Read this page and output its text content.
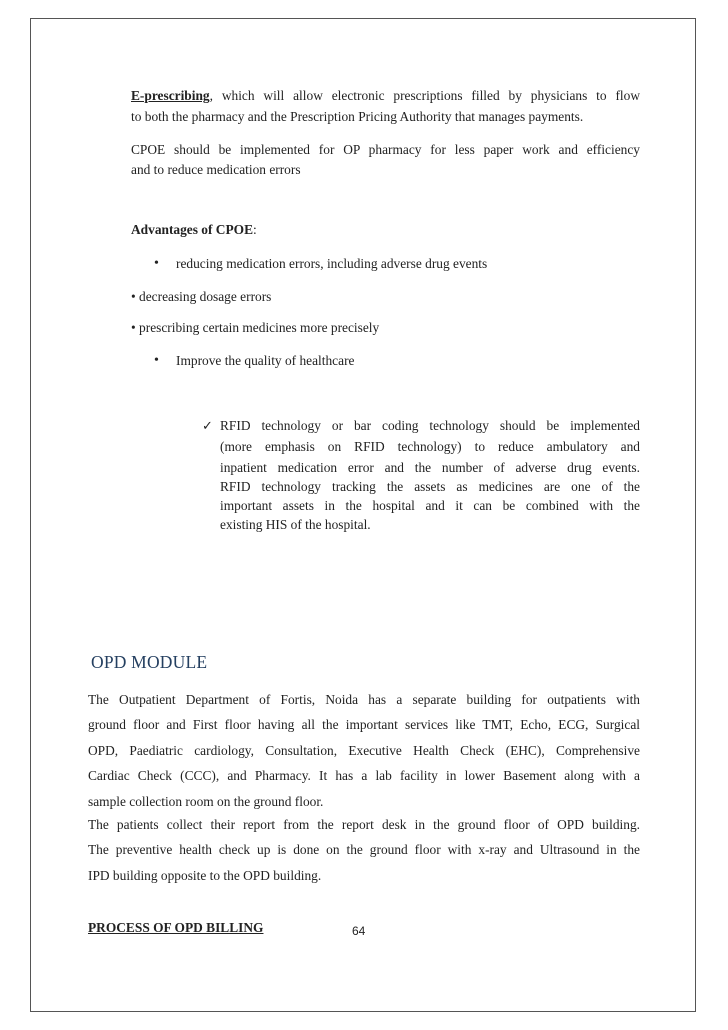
E-prescribing, which will allow electronic prescriptions filled by physicians to flow
to both the pharmacy and the Prescription Pricing Authority that manages payments.
CPOE should be implemented for OP pharmacy for less paper work and efficiency
and to reduce medication errors
Advantages of CPOE:
• reducing medication errors, including adverse drug events
• decreasing dosage errors
• prescribing certain medicines more precisely
• Improve the quality of healthcare
✓ RFID technology or bar coding technology should be implemented
(more emphasis on RFID technology) to reduce ambulatory and
inpatient medication error and the number of adverse drug events.
RFID technology tracking the assets as medicines are one of the
important assets in the hospital and it can be combined with the
existing HIS of the hospital.
OPD MODULE
The Outpatient Department of Fortis, Noida has a separate building for outpatients with
ground floor and First floor having all the important services like TMT, Echo, ECG, Surgical
OPD, Paediatric cardiology, Consultation, Executive Health Check (EHC), Comprehensive
Cardiac Check (CCC), and Pharmacy. It has a lab facility in lower Basement along with a
sample collection room on the ground floor.
The patients collect their report from the report desk in the ground floor of OPD building.
The preventive health check up is done on the ground floor with x-ray and Ultrasound in the
IPD building opposite to the OPD building.
PROCESS OF OPD BILLING	64
